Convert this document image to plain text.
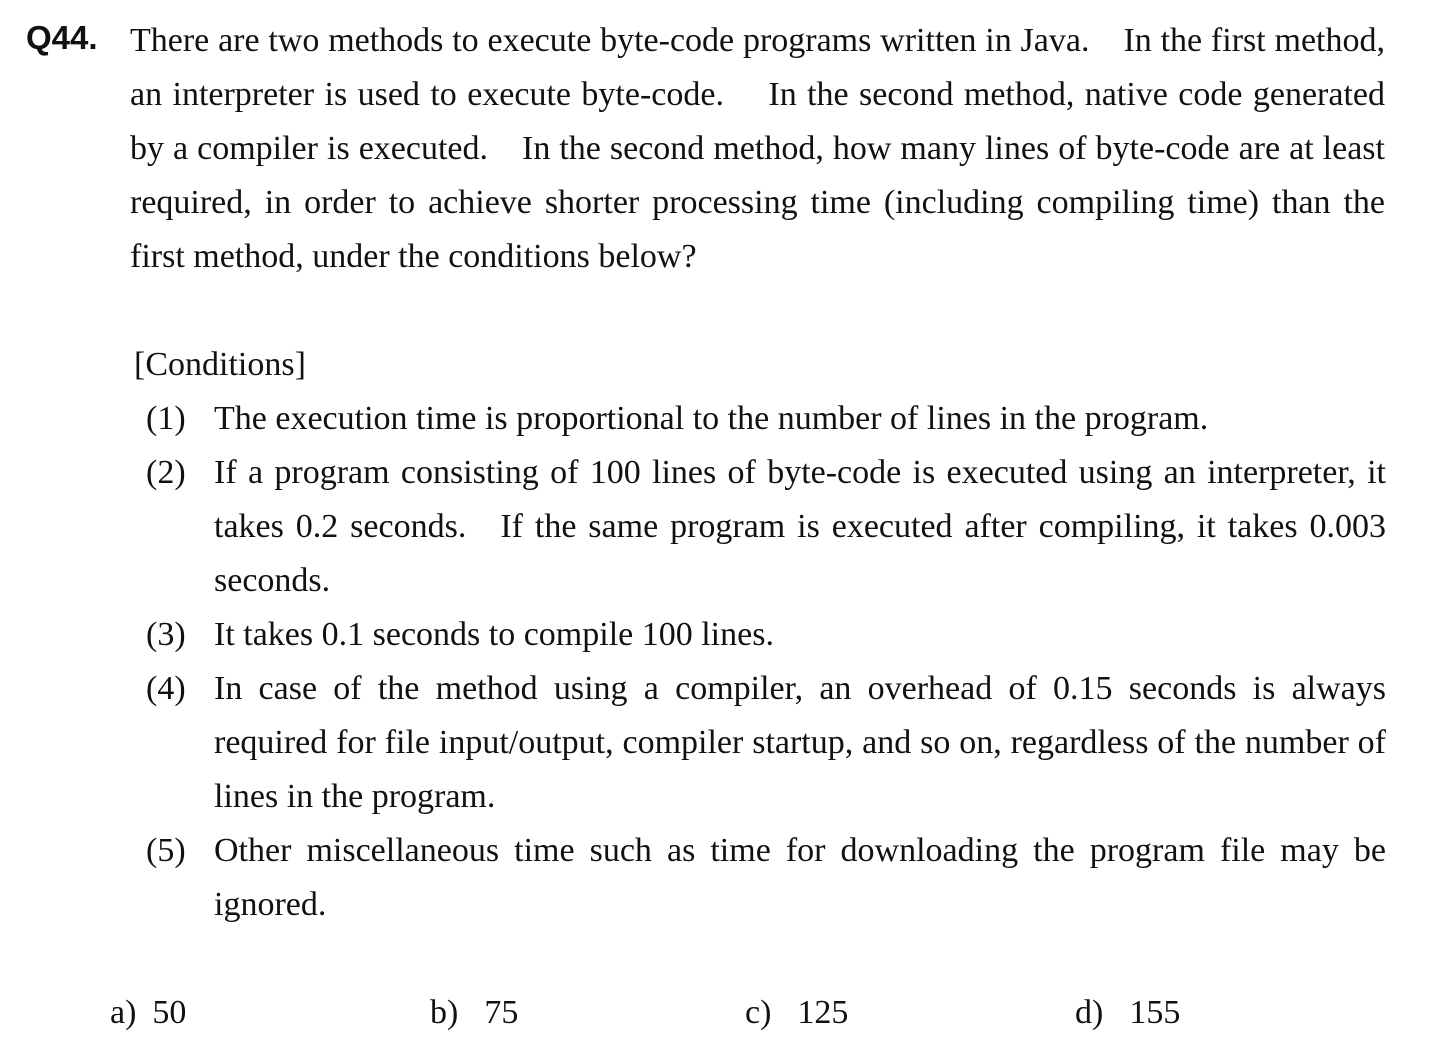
Q44. There are two methods to execute byte-code programs written in Java. In the first method, an interpreter is used to execute byte-code.  In the second method, native code generated by a compiler is executed. In the second method, how many lines of byte-code are at least required, in order to achieve shorter processing time (including compiling time) than the first method, under the conditions below?

[Conditions]
(1) The execution time is proportional to the number of lines in the program.
(2) If a program consisting of 100 lines of byte-code is executed using an interpreter, it takes 0.2 seconds. If the same program is executed after compiling, it takes 0.003 seconds.
(3) It takes 0.1 seconds to compile 100 lines.
(4) In case of the method using a compiler, an overhead of 0.15 seconds is always required for file input/output, compiler startup, and so on, regardless of the number of lines in the program.
(5) Other miscellaneous time such as time for downloading the program file may be ignored.
a) 50	b) 75	c) 125	d) 155
